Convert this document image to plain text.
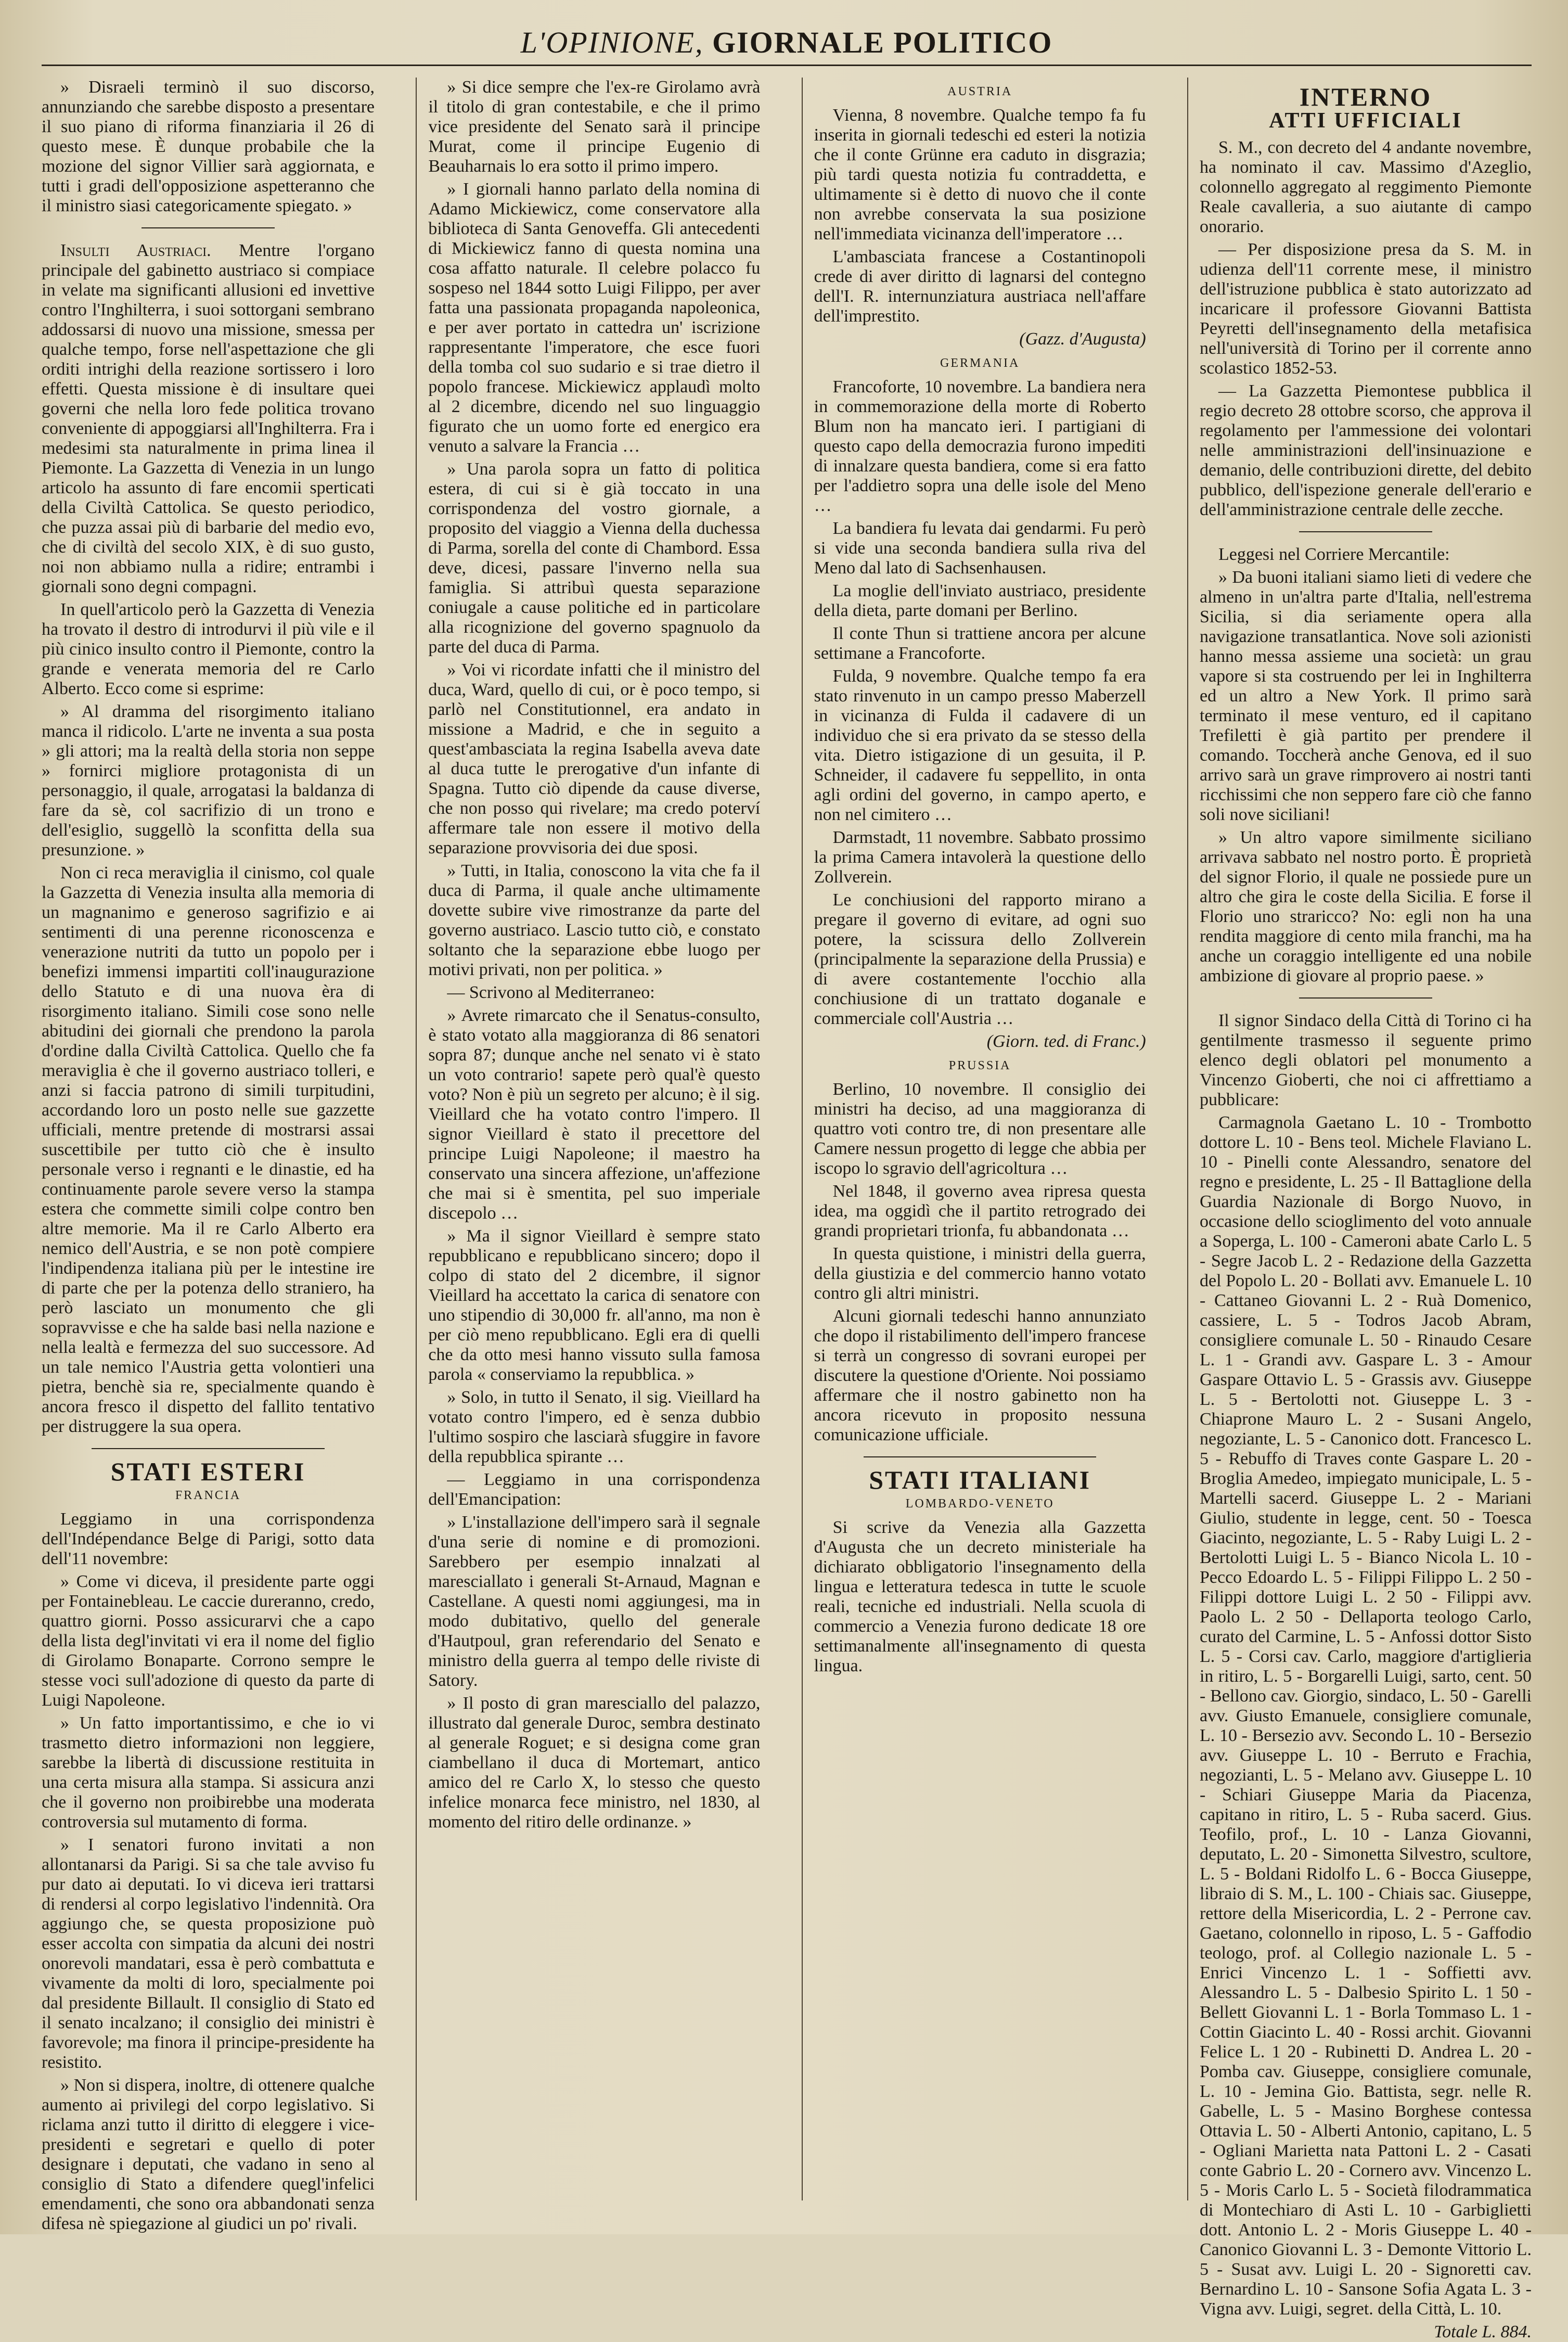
L'OPINIONE, GIORNALE POLITICO

» Disraeli terminò il suo discorso, annunziando che sarebbe disposto a presentare il suo piano di riforma finanziaria il 26 di questo mese. È dunque probabile che la mozione del signor Villier sarà aggiornata, e tutti i gradi dell'opposizione aspetteranno che il ministro siasi categoricamente spiegato. »

Insulti Austriaci. Mentre l'organo principale del gabinetto austriaco si compiace in velate ma significanti allusioni ed invettive contro l'Inghilterra, i suoi sottorgani sembrano addossarsi di nuovo una missione, smessa per qualche tempo, forse nell'aspettazione che gli orditi intrighi della reazione sortissero i loro effetti. Questa missione è di insultare quei governi che nella loro fede politica trovano conveniente di appoggiarsi all'Inghilterra. Fra i medesimi sta naturalmente in prima linea il Piemonte. La Gazzetta di Venezia in un lungo articolo ha assunto di fare encomii sperticati della Civiltà Cattolica. Se questo periodico, che puzza assai più di barbarie del medio evo, che di civiltà del secolo XIX, è di suo gusto, noi non abbiamo nulla a ridire; entrambi i giornali sono degni compagni.

In quell'articolo però la Gazzetta di Venezia ha trovato il destro di introdurvi il più vile e il più cinico insulto contro il Piemonte, contro la grande e venerata memoria del re Carlo Alberto. Ecco come si esprime:

» Al dramma del risorgimento italiano manca il ridicolo. L'arte ne inventa a sua posta » gli attori; ma la realtà della storia non seppe » fornirci migliore protagonista di un personaggio, il quale, arrogatasi la baldanza di fare da sè, col sacrifizio di un trono e dell'esiglio, suggellò la sconfitta della sua presunzione. »

Non ci reca meraviglia il cinismo, col quale la Gazzetta di Venezia insulta alla memoria di un magnanimo e generoso sagrifizio e ai sentimenti di una perenne riconoscenza e venerazione nutriti da tutto un popolo per i benefizi immensi impartiti coll'inaugurazione dello Statuto e di una nuova èra di risorgimento italiano. Simili cose sono nelle abitudini dei giornali che prendono la parola d'ordine dalla Civiltà Cattolica. Quello che fa meraviglia è che il governo austriaco tolleri, e anzi si faccia patrono di simili turpitudini, accordando loro un posto nelle sue gazzette ufficiali, mentre pretende di mostrarsi assai suscettibile per tutto ciò che è insulto personale verso i regnanti e le dinastie, ed ha continuamente parole severe verso la stampa estera che commette simili colpe contro ben altre memorie. Ma il re Carlo Alberto era nemico dell'Austria, e se non potè compiere l'indipendenza italiana più per le intestine ire di parte che per la potenza dello straniero, ha però lasciato un monumento che gli sopravvisse e che ha salde basi nella nazione e nella lealtà e fermezza del suo successore. Ad un tale nemico l'Austria getta volontieri una pietra, benchè sia re, specialmente quando è ancora fresco il dispetto del fallito tentativo per distruggere la sua opera.

STATI ESTERI
FRANCIA

Leggiamo in una corrispondenza dell'Indépendance Belge di Parigi, sotto data dell'11 novembre:

» Come vi diceva, il presidente parte oggi per Fontainebleau. Le caccie dureranno, credo, quattro giorni. Posso assicurarvi che a capo della lista degl'invitati vi era il nome del figlio di Girolamo Bonaparte. Corrono sempre le stesse voci sull'adozione di questo da parte di Luigi Napoleone.

» Un fatto importantissimo, e che io vi trasmetto dietro informazioni non leggiere, sarebbe la libertà di discussione restituita in una certa misura alla stampa. Si assicura anzi che il governo non proibirebbe una moderata controversia sul mutamento di forma.

» I senatori furono invitati a non allontanarsi da Parigi. Si sa che tale avviso fu pur dato ai deputati. Io vi diceva ieri trattarsi di rendersi al corpo legislativo l'indennità. Ora aggiungo che, se questa proposizione può esser accolta con simpatia da alcuni dei nostri onorevoli mandatari, essa è però combattuta e vivamente da molti di loro, specialmente poi dal presidente Billault. Il consiglio di Stato ed il senato incalzano; il consiglio dei ministri è favorevole; ma finora il principe-presidente ha resistito.

» Non si dispera, inoltre, di ottenere qualche aumento ai privilegi del corpo legislativo. Si riclama anzi tutto il diritto di eleggere i vice-presidenti e segretari e quello di poter designare i deputati, che vadano in seno al consiglio di Stato a difendere quegl'infelici emendamenti, che sono ora abbandonati senza difesa nè spiegazione al giudici un po' rivali.

» Si dice sempre che l'ex-re Girolamo avrà il titolo di gran contestabile, e che il primo vice presidente del Senato sarà il principe Murat, come il principe Eugenio di Beauharnais lo era sotto il primo impero.

» I giornali hanno parlato della nomina di Adamo Mickiewicz, come conservatore alla biblioteca di Santa Genoveffa. Gli antecedenti di Mickiewicz fanno di questa nomina una cosa affatto naturale. Il celebre polacco fu sospeso nel 1844 sotto Luigi Filippo, per aver fatta una passionata propaganda napoleonica, e per aver portato in cattedra un' iscrizione rappresentante l'imperatore, che esce fuori della tomba col suo sudario e si trae dietro il popolo francese. Mickiewicz applaudì molto al 2 dicembre, dicendo nel suo linguaggio figurato che un uomo forte ed energico era venuto a salvare la Francia …

» Una parola sopra un fatto di politica estera, di cui si è già toccato in una corrispondenza del vostro giornale, a proposito del viaggio a Vienna della duchessa di Parma, sorella del conte di Chambord. Essa deve, dicesi, passare l'inverno nella sua famiglia. Si attribuì questa separazione coniugale a cause politiche ed in particolare alla ricognizione del governo spagnuolo da parte del duca di Parma.

» Voi vi ricordate infatti che il ministro del duca, Ward, quello di cui, or è poco tempo, si parlò nel Constitutionnel, era andato in missione a Madrid, e che in seguito a quest'ambasciata la regina Isabella aveva date al duca tutte le prerogative d'un infante di Spagna. Tutto ciò dipende da cause diverse, che non posso qui rivelare; ma credo poterví affermare tale non essere il motivo della separazione provvisoria dei due sposi.

» Tutti, in Italia, conoscono la vita che fa il duca di Parma, il quale anche ultimamente dovette subire vive rimostranze da parte del governo austriaco. Lascio tutto ciò, e constato soltanto che la separazione ebbe luogo per motivi privati, non per politica. »

— Scrivono al Mediterraneo:

» Avrete rimarcato che il Senatus-consulto, è stato votato alla maggioranza di 86 senatori sopra 87; dunque anche nel senato vi è stato un voto contrario! sapete però qual'è questo voto? Non è più un segreto per alcuno; è il sig. Vieillard che ha votato contro l'impero. Il signor Vieillard è stato il precettore del principe Luigi Napoleone; il maestro ha conservato una sincera affezione, un'affezione che mai si è smentita, pel suo imperiale discepolo …

» Ma il signor Vieillard è sempre stato repubblicano e repubblicano sincero; dopo il colpo di stato del 2 dicembre, il signor Vieillard ha accettato la carica di senatore con uno stipendio di 30,000 fr. all'anno, ma non è per ciò meno repubblicano. Egli era di quelli che da otto mesi hanno vissuto sulla famosa parola « conserviamo la repubblica. »

» Solo, in tutto il Senato, il sig. Vieillard ha votato contro l'impero, ed è senza dubbio l'ultimo sospiro che lasciarà sfuggire in favore della repubblica spirante …

— Leggiamo in una corrispondenza dell'Emancipation:

» L'installazione dell'impero sarà il segnale d'una serie di nomine e di promozioni. Sarebbero per esempio innalzati al maresciallato i generali St-Arnaud, Magnan e Castellane. A questi nomi aggiungesi, ma in modo dubitativo, quello del generale d'Hautpoul, gran referendario del Senato e ministro della guerra al tempo delle riviste di Satory.

» Il posto di gran maresciallo del palazzo, illustrato dal generale Duroc, sembra destinato al generale Roguet; e si designa come gran ciambellano il duca di Mortemart, antico amico del re Carlo X, lo stesso che questo infelice monarca fece ministro, nel 1830, al momento del ritiro delle ordinanze. »

AUSTRIA

Vienna, 8 novembre. Qualche tempo fa fu inserita in giornali tedeschi ed esteri la notizia che il conte Grünne era caduto in disgrazia; più tardi questa notizia fu contraddetta, e ultimamente si è detto di nuovo che il conte non avrebbe conservata la sua posizione nell'immediata vicinanza dell'imperatore …

L'ambasciata francese a Costantinopoli crede di aver diritto di lagnarsi del contegno dell'I. R. internunziatura austriaca nell'affare dell'imprestito.

(Gazz. d'Augusta)
GERMANIA

Francoforte, 10 novembre. La bandiera nera in commemorazione della morte di Roberto Blum non ha mancato ieri. I partigiani di questo capo della democrazia furono impediti di innalzare questa bandiera, come si era fatto per l'addietro sopra una delle isole del Meno …

La bandiera fu levata dai gendarmi. Fu però si vide una seconda bandiera sulla riva del Meno dal lato di Sachsenhausen.

La moglie dell'inviato austriaco, presidente della dieta, parte domani per Berlino.

Il conte Thun si trattiene ancora per alcune settimane a Francoforte.

Fulda, 9 novembre. Qualche tempo fa era stato rinvenuto in un campo presso Maberzell in vicinanza di Fulda il cadavere di un individuo che si era privato da se stesso della vita. Dietro istigazione di un gesuita, il P. Schneider, il cadavere fu seppellito, in onta agli ordini del governo, in campo aperto, e non nel cimitero …

Darmstadt, 11 novembre. Sabbato prossimo la prima Camera intavolerà la questione dello Zollverein.

Le conchiusioni del rapporto mirano a pregare il governo di evitare, ad ogni suo potere, la scissura dello Zollverein (principalmente la separazione della Prussia) e di avere costantemente l'occhio alla conchiusione di un trattato doganale e commerciale coll'Austria …

(Giorn. ted. di Franc.)
PRUSSIA

Berlino, 10 novembre. Il consiglio dei ministri ha deciso, ad una maggioranza di quattro voti contro tre, di non presentare alle Camere nessun progetto di legge che abbia per iscopo lo sgravio dell'agricoltura …

Nel 1848, il governo avea ripresa questa idea, ma oggidì che il partito retrogrado dei grandi proprietari trionfa, fu abbandonata …

In questa quistione, i ministri della guerra, della giustizia e del commercio hanno votato contro gli altri ministri.

Alcuni giornali tedeschi hanno annunziato che dopo il ristabilimento dell'impero francese si terrà un congresso di sovrani europei per discutere la questione d'Oriente. Noi possiamo affermare che il nostro gabinetto non ha ancora ricevuto in proposito nessuna comunicazione ufficiale.

STATI ITALIANI
LOMBARDO-VENETO

Si scrive da Venezia alla Gazzetta d'Augusta che un decreto ministeriale ha dichiarato obbligatorio l'insegnamento della lingua e letteratura tedesca in tutte le scuole reali, tecniche ed industriali. Nella scuola di commercio a Venezia furono dedicate 18 ore settimanalmente all'insegnamento di questa lingua.

INTERNO
ATTI UFFICIALI

S. M., con decreto del 4 andante novembre, ha nominato il cav. Massimo d'Azeglio, colonnello aggregato al reggimento Piemonte Reale cavalleria, a suo aiutante di campo onorario.

— Per disposizione presa da S. M. in udienza dell'11 corrente mese, il ministro dell'istruzione pubblica è stato autorizzato ad incaricare il professore Giovanni Battista Peyretti dell'insegnamento della metafisica nell'università di Torino per il corrente anno scolastico 1852-53.

— La Gazzetta Piemontese pubblica il regio decreto 28 ottobre scorso, che approva il regolamento per l'ammessione dei volontari nelle amministrazioni dell'insinuazione e demanio, delle contribuzioni dirette, del debito pubblico, dell'ispezione generale dell'erario e dell'amministrazione centrale delle zecche.

Leggesi nel Corriere Mercantile:

» Da buoni italiani siamo lieti di vedere che almeno in un'altra parte d'Italia, nell'estrema Sicilia, si dia seriamente opera alla navigazione transatlantica. Nove soli azionisti hanno messa assieme una società: un grau vapore si sta costruendo per lei in Inghilterra ed un altro a New York. Il primo sarà terminato il mese venturo, ed il capitano Trefiletti è già partito per prendere il comando. Toccherà anche Genova, ed il suo arrivo sarà un grave rimprovero ai nostri tanti ricchissimi che non seppero fare ciò che fanno soli nove siciliani!

» Un altro vapore similmente siciliano arrivava sabbato nel nostro porto. È proprietà del signor Florio, il quale ne possiede pure un altro che gira le coste della Sicilia. E forse il Florio uno straricco? No: egli non ha una rendita maggiore di cento mila franchi, ma ha anche un coraggio intelligente ed una nobile ambizione di giovare al proprio paese. »

Il signor Sindaco della Città di Torino ci ha gentilmente trasmesso il seguente primo elenco degli oblatori pel monumento a Vincenzo Gioberti, che noi ci affrettiamo a pubblicare:

Carmagnola Gaetano L. 10 - Trombotto dottore L. 10 - Bens teol. Michele Flaviano L. 10 - Pinelli conte Alessandro, senatore del regno e presidente, L. 25 - Il Battaglione della Guardia Nazionale di Borgo Nuovo, in occasione dello scioglimento del voto annuale a Soperga, L. 100 - Cameroni abate Carlo L. 5 - Segre Jacob L. 2 - Redazione della Gazzetta del Popolo L. 20 - Bollati avv. Emanuele L. 10 - Cattaneo Giovanni L. 2 - Ruà Domenico, cassiere, L. 5 - Todros Jacob Abram, consigliere comunale L. 50 - Rinaudo Cesare L. 1 - Grandi avv. Gaspare L. 3 - Amour Gaspare Ottavio L. 5 - Grassis avv. Giuseppe L. 5 - Bertolotti not. Giuseppe L. 3 - Chiaprone Mauro L. 2 - Susani Angelo, negoziante, L. 5 - Canonico dott. Francesco L. 5 - Rebuffo di Traves conte Gaspare L. 20 - Broglia Amedeo, impiegato municipale, L. 5 - Martelli sacerd. Giuseppe L. 2 - Mariani Giulio, studente in legge, cent. 50 - Toesca Giacinto, negoziante, L. 5 - Raby Luigi L. 2 - Bertolotti Luigi L. 5 - Bianco Nicola L. 10 - Pecco Edoardo L. 5 - Filippi Filippo L. 2 50 - Filippi dottore Luigi L. 2 50 - Filippi avv. Paolo L. 2 50 - Dellaporta teologo Carlo, curato del Carmine, L. 5 - Anfossi dottor Sisto L. 5 - Corsi cav. Carlo, maggiore d'artiglieria in ritiro, L. 5 - Borgarelli Luigi, sarto, cent. 50 - Bellono cav. Giorgio, sindaco, L. 50 - Garelli avv. Giusto Emanuele, consigliere comunale, L. 10 - Bersezio avv. Secondo L. 10 - Bersezio avv. Giuseppe L. 10 - Berruto e Frachia, negozianti, L. 5 - Melano avv. Giuseppe L. 10 - Schiari Giuseppe Maria da Piacenza, capitano in ritiro, L. 5 - Ruba sacerd. Gius. Teofilo, prof., L. 10 - Lanza Giovanni, deputato, L. 20 - Simonetta Silvestro, scultore, L. 5 - Boldani Ridolfo L. 6 - Bocca Giuseppe, libraio di S. M., L. 100 - Chiais sac. Giuseppe, rettore della Misericordia, L. 2 - Perrone cav. Gaetano, colonnello in riposo, L. 5 - Gaffodio teologo, prof. al Collegio nazionale L. 5 - Enrici Vincenzo L. 1 - Soffietti avv. Alessandro L. 5 - Dalbesio Spirito L. 1 50 - Bellett Giovanni L. 1 - Borla Tommaso L. 1 - Cottin Giacinto L. 40 - Rossi archit. Giovanni Felice L. 1 20 - Rubinetti D. Andrea L. 20 - Pomba cav. Giuseppe, consigliere comunale, L. 10 - Jemina Gio. Battista, segr. nelle R. Gabelle, L. 5 - Masino Borghese contessa Ottavia L. 50 - Alberti Antonio, capitano, L. 5 - Ogliani Marietta nata Pattoni L. 2 - Casati conte Gabrio L. 20 - Cornero avv. Vincenzo L. 5 - Moris Carlo L. 5 - Società filodrammatica di Montechiaro di Asti L. 10 - Garbiglietti dott. Antonio L. 2 - Moris Giuseppe L. 40 - Canonico Giovanni L. 3 - Demonte Vittorio L. 5 - Susat avv. Luigi L. 20 - Signoretti cav. Bernardino L. 10 - Sansone Sofia Agata L. 3 - Vigna avv. Luigi, segret. della Città, L. 10.

Totale L. 884.
